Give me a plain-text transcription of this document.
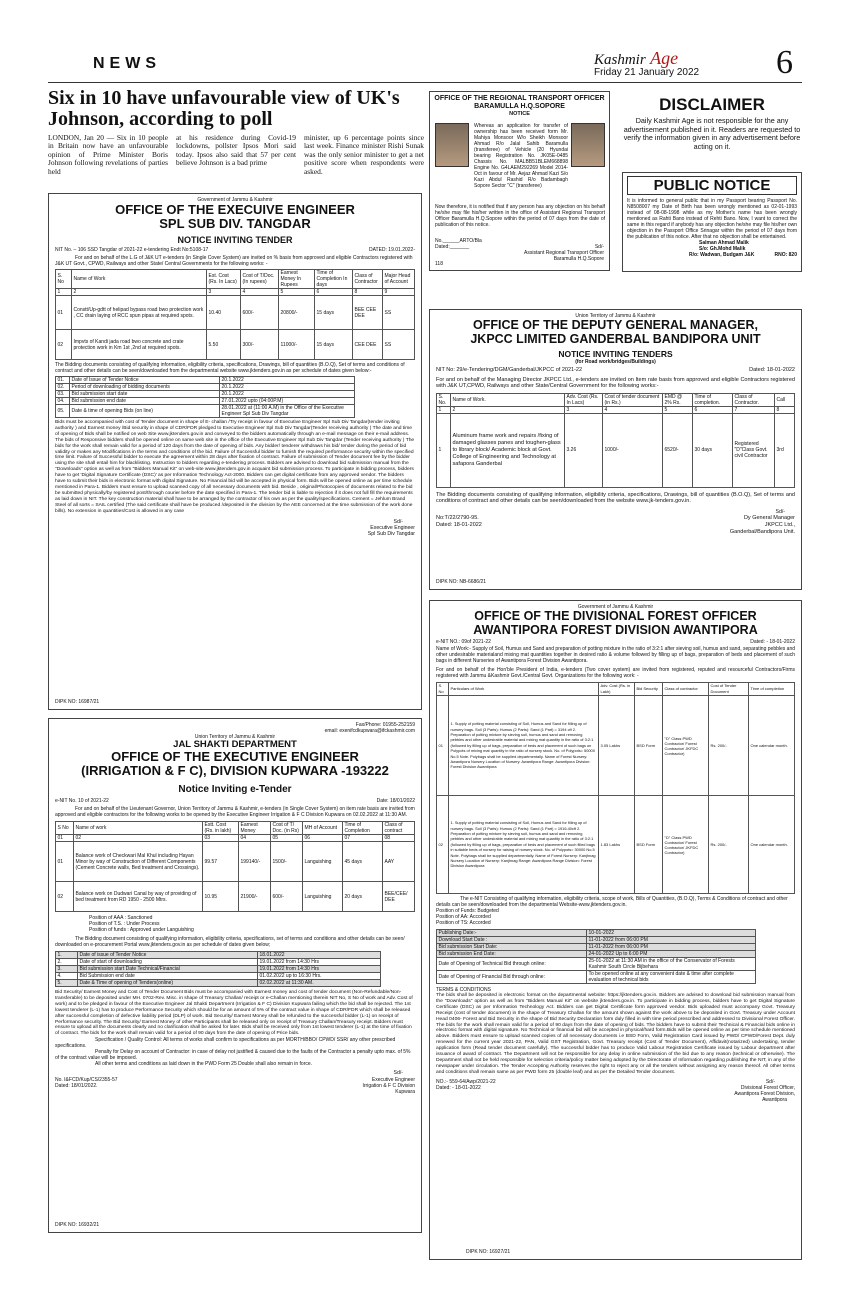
NEWS	Kashmir Age
Friday 21 January 2022	6
Six in 10 have unfavourable view of UK's Johnson, according to poll
LONDON, Jan 20 — Six in 10 people in Britain now have an unfavourable opinion of Prime Minister Boris Johnson following revelations of parties held
at his residence during Covid-19 lockdowns, pollster Ipsos Mori said today. Ipsos also said that 57 per cent believe Johnson is a bad prime
minister, up 6 percentage points since last week. Finance minister Rishi Sunak was the only senior minister to get a net positive score when respondents were asked.
OFFICE OF THE REGIONAL TRANSPORT OFFICER BARAMULLA H.Q.SOPORE
NOTICE
Whereas an application for transfer of ownership has been received form Mr. Mahiya Monsoor W/o Sheikh Monsoor Ahmad R/o Jalal Sahib Baramulla (transferee) of Vehicle (20 Hyundai bearing Registration No. JK05E-0485 Chassis No. MALBB51BLEM668898 Engine No. G4LAEM292269 Model 2014-Oct in favour of Mr. Aejaz Ahmad Kazi S/o Kazi Abdul Rashid R/o Badambagh Sopore Sector "C" (transferee)
Now therefore, it is notified that if any person has any objection on his behalf he/she may file his/her written in the office of Assistant Regional Transport Officer Baramulla H.Q.Sopore within the period of 07 days from the date of publication of this notice.
No.______ARTO/Bla
Dated:_______	Sd/-
Assistant Regional Transport Officer
Baramulla H.Q.Sopore
118
DISCLAIMER
Daily Kashmir Age is not responsible for the any advertisement published in it. Readers are requested to verify the information given in any advertisement before acting on it.
PUBLIC NOTICE
It is informed to general public that in my Passport bearing Passport No. N8508007 my Date of Birth has been wrongly mentioned as 02-01-1993 instead of 08-08-1998 while as my Mother's name has been wrongly mentioned as Rahti Bano instead of Rehti Bano. Now, I want to correct the same in this regard if anybody has any objection he/she may file his/her own objection in the Passport Office Srinagar within the period of 07 days from the publication of this notice. After that no objection shall be entertained.
Salman Ahmad Malik
S/o: Gh.Mohd Malik
R/o: Wadwan, Budgam J&K	RNO: 820
Government of Jammu & Kashmir
OFFICE OF THE EXECUIVE ENGINEER
SPL SUB DIV. TANGDAR
NOTICE INVITING TENDER
NIT No. – 106 SSD Tangdar of 2021-22 e-tendering Endt No:5108-17	DATED: 19.01.2022-
For and on behalf of the L.G of J&K UT e-tenders (in Single Cover System) are invited on % basis from approved and eligible Contractors registered with J&K UT Govt., CPWD, Railways and other State/ Central Governments for the following works: -
S. No	Name of Work	Est. Cost (Rs. In Lacs)	Cost of T/Doc. (In rupees)	Earnest Money In Rupees	Time of Completion In days	Class of Contractor	Major Head of Account
1	2	3	4	5	6	8	9
01	Constt/Up-gdtt of helipad bypass road bwo protection work , CC drain laying of RCC spun pipas at required spots.	10.40	600/-	20800/-	15 days	BEE CEE DEE	SS
02	Impvts of Kandi jada road bwo concrete and crate protection work in Km 1st ,2nd at required spots.	5.50	300/-	11000/-	15 days	CEE DEE	SS
The Bidding documents consisting of qualifying information, eligibility criteria, specifications, Drawings, bill of quantities (B.O.Q), Set of terms and conditions of contract and other details can be seen/downloaded from the departmental website www.jktenders.gov.in as per schedule of dates given below:-
01.	Date of Issue of Tender Notice	20.1.2022
02.	Period of downloading of bidding documents	20.1.2022
03.	Bid submission start date	20.1.2022
04.	Bid submission end date	27.01.2022 upto (04:00P.M)
05.	Date & time of opening Bids (on line)	28.01.2022 at (11:00 A.M) in the Office of the Executive Engineer Spl Sub Div Tangdar
Bids must be accompanied with cost of Tender document in shape of E- challan /Try receipt in favour of Executive Engineer Spl Sub Div Tangdar(tender inviting authority ) and Earnest money /Bid security in shape of CDR/FDR pledged to Executive Engineer Spl Sub Div Tangdar(Tender receiving authority ) The date and time of opening of Bids shall be notified on web Site www.jktenders.gov.in and conveyed to the bidders automatically through an e-mail message on their e-mail address. The bids of Responsive bidders shall be opened online on same web site in the office of the Executive Engineer Spl Sub Div Tangdar (Tender receiving authority ) The bids for the work shall remain valid for a period of 120 days from the date of opening of bids. Any bidder/ tenderer withdraws his bid/ tender during the period of bid validity or makes any Modifications in the terms and conditions of the bid. Failure of Successful bidder to furnish the required performance security within the specified time limit. Failure of Successful bidder to execute the agreement within 28 days after fixation of contract. Failure of submission of Tender document fee by the bidder using the site shall entail him for blacklisting. Instruction to bidders regarding e-tendering process. Bidders are advised to download bid submission manual from the "Downloads" option as well as from "Bidders Manual Kit" on web-site www.jktenders.gov.in acquaint bid submission process. To participate in bidding process, bidders have to get 'Digital Signature Certificate (DSC)' as per Information Technology Act-2000. Bidders can get digital certificate from any approved vendor. The bidders have to submit their bids in electronic format with digital Signature. No Financial bid will be accepted in physical form. Bids will be opened online as per time schedule mentioned in Para-1. Bidders must ensure to upload scanned copy of all necessary documents with bid. Beside , original/Photocopies of documents related to the bid be submitted physically/by registered post/through courier before the date specified in Para-1. The tender bid is liable to rejection if it does not full fill the requirements as laid down in NIT. The key construction material shall have to be arranged by the contractor of his own as per the quality/specifications. Cement = Jehlum Brand Steel of all sorts = SAIL certified (The said certificate shall have be produced /deposited in the division by the AEE concerned at the time submission of the work done bills). No extension in quantities/Cost is allowed in any case
Sd/-
Executive Engineer
Spl Sub Div Tangdar
DIPK NO: 16987/21
Fax/Phone: 01955-252159
email: exenifcdkupwara@ifckashmir.com
Union Territory of Jammu & Kashmir
JAL SHAKTI DEPARTMENT
OFFICE OF THE EXECUTIVE ENGINEER
(IRRIGATION & F C), DIVISION KUPWARA -193222
Notice Inviting e-Tender
e-NIT No. 10 of 2021-22	Date: 18/01/2022
For and on behalf of the Lieutenant Governor, Union Territory of Jammu & Kashmir, e-tenders (in Single Cover System) on item rate basis are invited from approved and eligible contractors for the following works to be opened by the Executive Engineer Irrigation & F C Division Kupwara on 02.02.2022 at 11:30 AM.
S No	Name of work	Estt. Cost (Rs. in lakh)	Earnest Money	Cost of T/ Doc. (in Rs)	MH of Account	Time of Completion	Class of contract
01	02	03	04	05	06	07	08
01	Balance work of Checkwari Mal Khul including Hayan Minor by way of Construction of Different Components (Cement Concrete walls, Bed treatment and Crossings).	99.57	199140/-	1500/-	Languishing	45 days	AAY
02	Balance work on Dudwari Canal by way of providing of bed treatment from RD 1950 - 2500 Mtrs.	10.95	21900/-	600/-	Languishing	20 days	BEE/CEE/ DEE
Position of AAA : Sanctioned
Position of T.S. : Under Process
Position of funds : Approved under Languishing
The Bidding document consisting of qualifying information, eligibility criteria, specifications, set of terms and conditions and other details can be seen/ downloaded on e-procurement Portal www.jktenders.gov.in as per schedule of dates given below;
1.	Date of issue of Tender Notice	18.01.2022
2.	Date of start of downloading	19.01.2022 from 14:30 Hrs
3.	Bid submission start Date Technical/Financial	19.01.2022 from 14:30 Hrs
4.	Bid Submission end date	01.02.2022 up to 16:30 Hrs.
5.	Date & Time of opening of Tenders(online)	02.02.2022 at 11:30 AM.
Bid Security/ Earnest Money and Cost of Tender Document Bids must be accompanied with Earnest money and cost of tender document (Non-Refundable/Non-transferable) to be deposited under MH. 0702-Rev. Misc. in shape of Treasury Challan/ receipt or e-Challan mentioning therein NIT No, S No of work and Adv. Cost of work) and to be pledged in favour of the Executive Engineer Jal Shakti Department (Irrigation & F C) Division Kupwara failing which the bid shall be rejected. The 1st lowest tenderer (L-1) has to produce Performance Security which should be for an amount of 5% of the contract value in shape of CDR/FDR which shall be released after successful completion of defective liability period (DLP) of work. Bid Security/ Earnest Money shall be refunded to the successful bidder (L-1) on receipt of Performance security. The Bid Security/ Earnest Money of other Participants shall be released only on receipt of Treasury Challan/Treasury receipt. Bidders must ensure to upload all the documents clearly and no clarification shall be asked for later. Bids shall be received only from 1st lowest tenderer (L-1) at the time of fixation of contract. The bids for the work shall remain valid for a period of 90 days from the date of opening of Price bids.
Specification / Quality Control: All terms of works shall confirm to specifications as per MORTH/BBO/ CPWD/ SSR/ any other prescribed specifications.
Penalty for Delay on account of Contractor: in case of delay not justified & caused due to the faults of the Contractor a penalty upto max. of 5% of the contract value will be imposed.
All other terms and conditions as laid down in the PWD Form 25 Double shall also remain in force.
Sd/-
No. I&FCD/Kup/CS/2355-57
Dated: 18/01/2022.
Executive Engineer
Irrigation & F C Division
Kupwara
DIPK NO: 16932/21
Union Territory of Jammu & Kashmir
OFFICE OF THE DEPUTY GENERAL MANAGER,
JKPCC LIMITED GANDERBAL BANDIPORA UNIT
NOTICE INVITING TENDERS
(for Road work/bridges/Buildings)
NIT No: 29/e-Tendering/DGM/Ganderbal/JKPCC of 2021-22	Dated: 18-01-2022
For and on behalf of the Managing Director JKPCC Ltd., e-tenders are invited on Item rate basis from approved and eligible Contractors registered with J&K UT,CPWD, Railways and other State/Central Government for the following works:-
S. No.	Name of Work.	Adv. Cost (Rs. In Lacs)	Cost of tender document (in Rs.)	EMD @ 2% Rs.	Time of completion.	Class of Contractor.	Call
1	2	3	4	5	6	7	8
1	Aluminum frame work and repairs /fixing of damaged glasses panes and toughen-glass to library block/ Academic block at Govt. College of Engineering and Technology at safapora Ganderbal	3.26	1000/-	6520/-	30 days	Registered "D"Class Govt. civil Contractor	3rd
The Bidding documents consisting of qualifying information, eligibility criteria, specifications, Drawings, bill of quantities (B.O.Q), Set of terms and conditions of contract and other details can be seen/downloaded from the website www.jk-tenders.gov.in.
Sd/-
No:T/22/2790-95.
Dated: 18-01-2022
Dy General Manager
JKPCC Ltd.,
Ganderbal/Bandipora Unit.
DIPK NO: NB-6686/21
Government of Jammu & Kashmir
OFFICE OF THE DIVISIONAL FOREST OFFICER
AWANTIPORA FOREST DIVISION AWANTIPORA
e-NIT NO.: 09of 2021-22	Dated: - 18-01-2022
Name of Work:- Supply of Soil, Humus and Sand and preparation of potting mixture in the ratio of 3:2:1 after sieving soil, humus and sand, separating pebbles and other undesirable materialand mixing mat quantities together in desired ratio & volume followed by filling up of bags, preparation of beds and placement of such bags in different Nurseries of Awantipora Forest Division Awantipora.
For and on behalf of the Hon'ble President of India, e-tenders (Two cover system) are invited from registered, reputed and resourceful Contractors/Firms registered with Jammu &Kashmir Govt./Central Govt. Organizations for the following work: -
S. No	Particulars of Work	Adv. Cost (Rs. in Lakh)	Bid Security	Class of contractor	Cost of Tender Document	Time of completion
01	1. Supply of potting material consisting of Soil, Humus and Sand for filling up of nursery bags. Soil (3 Parts): Humus (2 Parts): Sand (1 Part) = 3194 cft 2. Preparation of potting mixture by sieving soil, humus and sand and removing pebbles and other undesirable material and mixing mat quantity in the ratio of 3:2:1 (followed by filling up of bags, preparation of beds and placement of such bags on Polypots of mixing mat quantity in the ratio of nursery stock. No. of Polypots= 50000 No.5 Note. Polybags shall be supplied departmentally. Name of Forest Nursery: Awantipora Nursery Location of Nursery: Awantipora Range: Awantipora Division: Forest Division Awantipora	3.05 Lakhs	BSD Form	"D" Class PWD Contractor/ Forest Contractor/ JKFDC Contractor)	Rs. 200/-	One calendar month.
02	1. Supply of potting material consisting of Soil, Humus and Sand for filling up of nursery bags. Soil (3 Parts): Humus (2 Parts): Sand (1 Part) = 1916.40cft 2. Preparation of potting mixture by sieving soil, humus and sand and removing pebbles and other undesirable material and mixing mat quantity in the ratio of 3:2:1 (followed by filling up of bags, preparation of beds and placement of such filled bags in suitable beds of nursery for raising of nursery stock. No. of Polypots= 30000 No.5 Note. Polybags shall be supplied departmentally. Name of Forest Nursery: Kanjhnag Nursery Location of Nursery: Kanjhnag Range: Awantipora Range Division: Forest Division Awantipora	1.83 Lakhs	BSD Form	"D" Class PWD Contractor/ Forest Contractor/ JKFDC Contractor)	Rs. 200/-	One calendar month.
The e-NIT Consisting of qualifying information, eligibility criteria, scope of work, Bills of Quantities, (B.O.Q), Terms & Conditions of contract and other details can be seen/downloaded from the departmental Website-www.jktenders.gov.in.
Position of Funds: Budgeted
Position of AA: Accorded
Position of TS: Accorded
Publishing Date:-	10-01-2022
Download Start Date :	11-01-2022 from 06:00 PM
Bid submission Start Date:	11-01-2022 from 06:00 PM
Bid submission End Date:	24-01-2022 Up to 6:00 PM
Date of Opening of Technical Bid through online:	25-01-2022 at 11:30 AM in the office of the Conservator of Forests Kashmir South Circle Bijbehara
Date of Opening of Financial Bid through online:	To be opened online at any convenient date & time after complete evaluation of technical bids
TERMS & CONDITIONS
The bids shall be deposited in electronic format on the departmental website: https://jktenders.gov.in. Bidders are advised to download bid submission manual from the "Downloads" option as well as from "Bidders Manual Kit" on website jktenders.gov.in. To participate in bidding process, bidders have to get Digital Signature Certificate (DSC) as per Information Technology Act. Bidders can get Digital Certificate form approved vendor. Bids uploaded must accompany Govt. Treasury Receipt (cost of tender document) in the shape of Treasury Challan for the amount shown against the work above to be deposited in Govt. Treasury under Account Head 0406- Forest and Bid Security in the shape of Bid Security Declaration form duly filled in with time period prescribed and addressed to Divisional Forest Officer. The bids for the work shall remain valid for a period of 90 days from the date of opening of bids. The bidders have to submit their Technical & Financial bids online in electronic format with digital signature. No Technical or financial bid will be accepted in physical/hard form.Bids will be opened online as per time schedule mentioned above. Bidders must ensure to upload scanned copies of all necessary documents i.e BSD Form, Valid Registration Card issued by PWD/ CPWD/Forest Dept. duly renewed for the current year 2021-22, PAN, Valid GST Registration, Govt. Treasury receipt (Cost of Tender Document), Affidavit(notarized) undertaking, tender application form (Read tender document carefully). The successful bidder has to produce Valid Labour Registration Certificate issued by Labour department after issuance of award of contract. The Department will not be responsible for any delay in online submission of the bid due to any reason (technical or otherwise). The Department shall not be held responsible for selection criteria/policy matter being adopted by the Directorate of Information regarding publishing the NIT, in any of the newspaper under circulation. The Tender Accepting Authority reserves the right to reject any or all the tenders without assigning any reason thereof. All other terms and conditions shall remain same as per PWD form 25 (double leaf) and as per the Detailed Tender document.
NO.:- 559-64/Awp/2021-22
Dated: - 18-01-2022
Sd/-
Divisional Forest Officer,
Awantipora Forest Division,
Awantipora
DIPK NO: 16927/21
